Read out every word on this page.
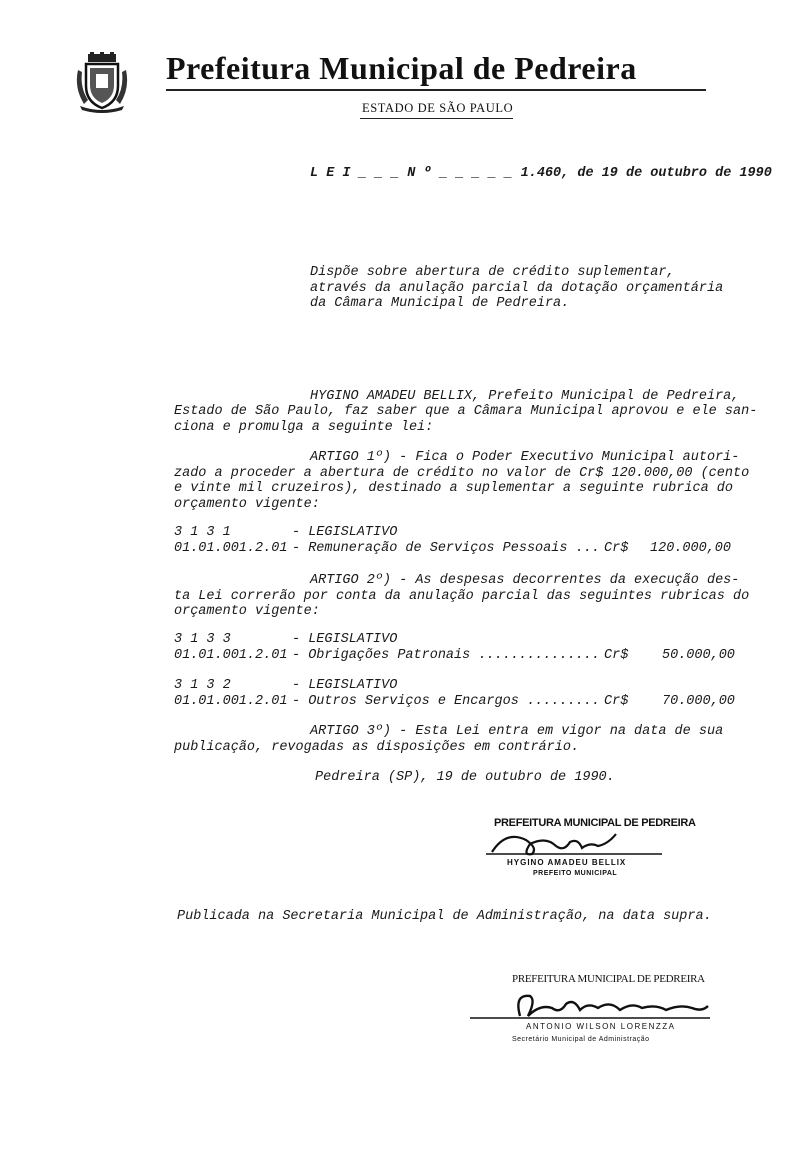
Prefeitura Municipal de Pedreira
ESTADO DE SÃO PAULO
L E I _ _ _ N º _ _ _ _ _ 1.460, de 19 de outubro de 1990
Dispõe sobre abertura de crédito suplementar, através da anulação parcial da dotação orçamentária da Câmara Municipal de Pedreira.
HYGINO AMADEU BELLIX, Prefeito Municipal de Pedreira,
Estado de São Paulo, faz saber que a Câmara Municipal aprovou e ele san-
ciona e promulga a seguinte lei:
ARTIGO 1º) - Fica o Poder Executivo Municipal autori-
zado a proceder a abertura de crédito no valor de Cr$ 120.000,00 (cento
e vinte mil cruzeiros), destinado a suplementar a seguinte rubrica do
orçamento vigente:
3 1 3 1	- LEGISLATIVO
01.01.001.2.01 - Remuneração de Serviços Pessoais ... Cr$ 120.000,00
ARTIGO 2º) - As despesas decorrentes da execução des-
ta Lei correrão por conta da anulação parcial das seguintes rubricas do
orçamento vigente:
3 1 3 3	- LEGISLATIVO
01.01.001.2.01 - Obrigações Patronais ............... Cr$ 50.000,00
3 1 3 2	- LEGISLATIVO
01.01.001.2.01 - Outros Serviços e Encargos ......... Cr$ 70.000,00
ARTIGO 3º) - Esta Lei entra em vigor na data de sua
publicação, revogadas as disposições em contrário.
Pedreira (SP), 19 de outubro de 1990.
PREFEITURA MUNICIPAL DE PEDREIRA
HYGINO AMADEU BELLIX
PREFEITO MUNICIPAL
Publicada na Secretaria Municipal de Administração, na data supra.
PREFEITURA MUNICIPAL DE PEDREIRA
ANTONIO WILSON LORENZZA
Secretário Municipal de Administração
